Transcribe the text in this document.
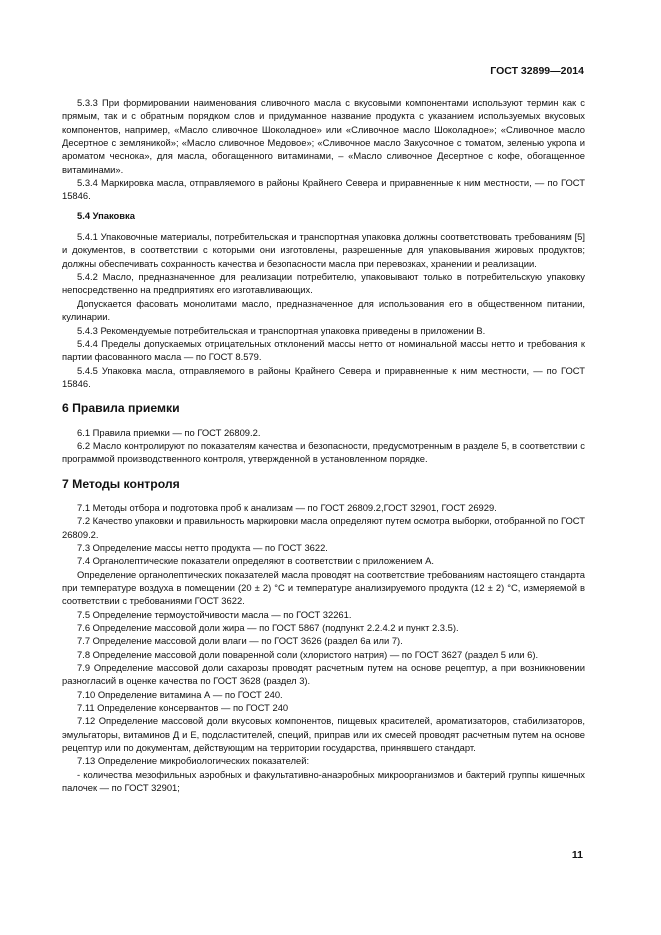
ГОСТ 32899—2014

5.3.3 При формировании наименования сливочного масла с вкусовыми компонентами используют термин как с прямым, так и с обратным порядком слов и придуманное название продукта с указанием используемых вкусовых компонентов, например, «Масло сливочное Шоколадное» или «Сливочное масло Шоколадное»; «Сливочное масло Десертное с земляникой»; «Масло сливочное Медовое»; «Сливочное масло Закусочное с томатом, зеленью укропа и ароматом чеснока», для масла, обогащенного витаминами, – «Масло сливочное Десертное с кофе, обогащенное витаминами».

5.3.4 Маркировка масла, отправляемого в районы Крайнего Севера и приравненные к ним местности, — по ГОСТ 15846.

5.4 Упаковка

5.4.1 Упаковочные материалы, потребительская и транспортная упаковка должны соответствовать требованиям [5] и документов, в соответствии с которыми они изготовлены, разрешенные для упаковывания жировых продуктов; должны обеспечивать сохранность качества и безопасности масла при перевозках, хранении и реализации.

5.4.2 Масло, предназначенное для реализации потребителю, упаковывают только в потребительскую упаковку непосредственно на предприятиях его изготавливающих.

Допускается фасовать монолитами масло, предназначенное для использования его в общественном питании, кулинарии.

5.4.3 Рекомендуемые потребительская и транспортная упаковка приведены в приложении В.

5.4.4 Пределы допускаемых отрицательных отклонений массы нетто от номинальной массы нетто и требования к партии фасованного масла — по ГОСТ 8.579.

5.4.5 Упаковка масла, отправляемого в районы Крайнего Севера и приравненные к ним местности, — по ГОСТ 15846.

6 Правила приемки

6.1 Правила приемки — по ГОСТ 26809.2.

6.2 Масло контролируют по показателям качества и безопасности, предусмотренным в разделе 5, в соответствии с программой производственного контроля, утвержденной в установленном порядке.

7 Методы контроля

7.1 Методы отбора и подготовка проб к анализам — по ГОСТ 26809.2,ГОСТ 32901, ГОСТ 26929.

7.2 Качество упаковки и правильность маркировки масла определяют путем осмотра выборки, отобранной по ГОСТ 26809.2.

7.3 Определение массы нетто продукта — по ГОСТ 3622.

7.4 Органолептические показатели определяют в соответствии с приложением А.

Определение органолептических показателей масла проводят на соответствие требованиям настоящего стандарта при температуре воздуха в помещении (20 ± 2) °С и температуре анализируемого продукта (12 ± 2) °С, измеряемой в соответствии с требованиями ГОСТ 3622.

7.5 Определение термоустойчивости масла — по ГОСТ 32261.

7.6 Определение массовой доли жира — по ГОСТ 5867 (подпункт 2.2.4.2 и пункт 2.3.5).

7.7 Определение массовой доли влаги — по ГОСТ 3626 (раздел 6а или 7).

7.8 Определение массовой доли поваренной соли (хлористого натрия) — по ГОСТ 3627 (раздел 5 или 6).

7.9 Определение массовой доли сахарозы проводят расчетным путем на основе рецептур, а при возникновении разногласий в оценке качества по ГОСТ 3628 (раздел 3).

7.10 Определение витамина А — по ГОСТ 240.

7.11 Определение консервантов — по ГОСТ 240

7.12 Определение массовой доли вкусовых компонентов, пищевых красителей, ароматизаторов, стабилизаторов, эмульгаторы, витаминов Д и Е, подсластителей, специй, приправ или их смесей проводят расчетным путем на основе рецептур или по документам, действующим на территории государства, принявшего стандарт.

7.13 Определение микробиологических показателей:

- количества мезофильных аэробных и факультативно-анаэробных микроорганизмов и бактерий группы кишечных палочек — по ГОСТ 32901;

11
